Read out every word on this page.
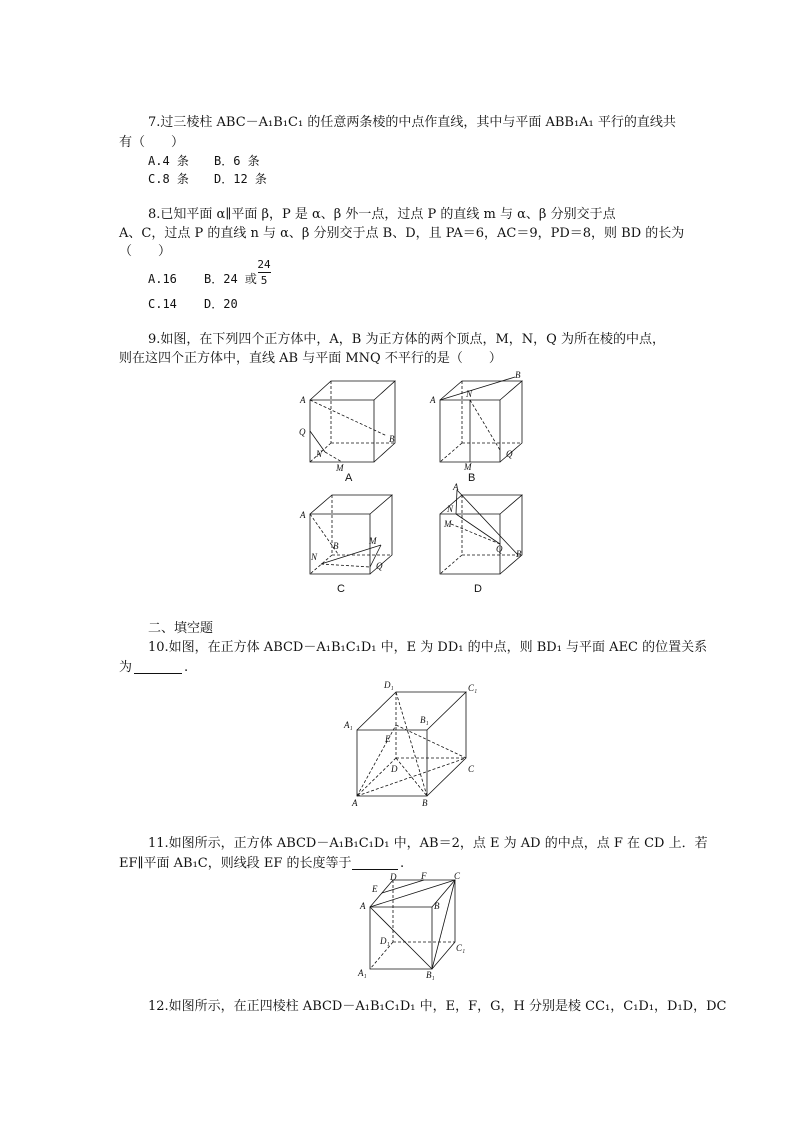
7.过三棱柱 ABC－A₁B₁C₁ 的任意两条棱的中点作直线，其中与平面 ABB₁A₁ 平行的直线共
有（　　）
A.4 条 B．6 条
C.8 条 D．12 条
8.已知平面 α∥平面 β，P 是 α、β 外一点，过点 P 的直线 m 与 α、β 分别交于点
A、C，过点 P 的直线 n 与 α、β 分别交于点 B、D，且 PA＝6，AC＝9，PD＝8，则 BD 的长为
（　　）
A.16 B．24 或
24
5
C.14 D．20
9.如图，在下列四个正方体中，A，B 为正方体的两个顶点，M，N，Q 为所在棱的中点，
则在这四个正方体中，直线 AB 与平面 MNQ 不平行的是（　　）
A
Q
N
M
B
A
A
N
B
M
Q
B
A
B	M
N
Q
C
A
N
M
Q B
D
二、填空题
10.如图，在正方体 ABCD－A₁B₁C₁D₁ 中，E 为 DD₁ 的中点，则 BD₁ 与平面 AEC 的位置关系
为	.
D₁	C₁
A₁	B₁
E
D	C
A	B
11.如图所示，正方体 ABCD－A₁B₁C₁D₁ 中，AB＝2，点 E 为 AD 的中点，点 F 在 CD 上．若
EF∥平面 AB₁C，则线段 EF 的长度等于	.
E
D	F	C
A	B
D₁
C₁
A₁	B₁
12.如图所示，在正四棱柱 ABCD－A₁B₁C₁D₁ 中，E，F，G，H 分别是棱 CC₁，C₁D₁，D₁D，DC
